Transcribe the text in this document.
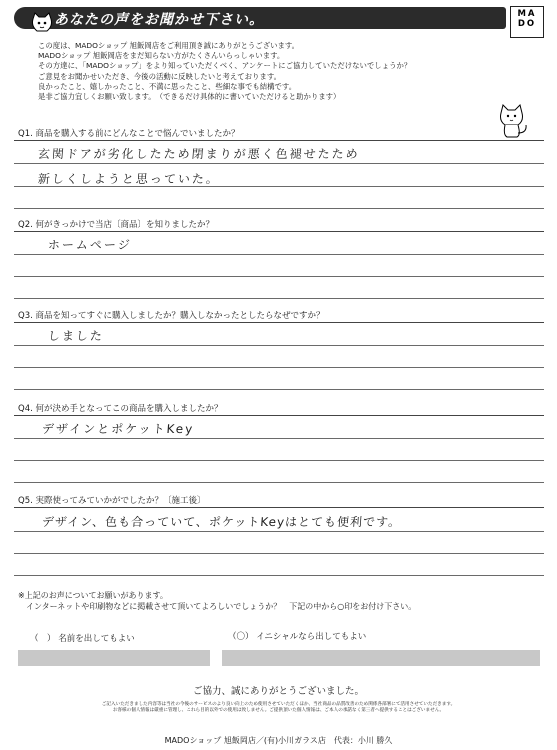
あなたの声をお聞かせ下さい。	MA
DO
この度は、MADOショップ 旭飯岡店をご利用頂き誠にありがとうございます。
MADOショップ 旭飯岡店をまだ知らない方がたくさんいらっしゃいます。
その方達に、「MADOショップ」をより知っていただくべく、アンケートにご協力していただけないでしょうか？
ご意見をお聞かせいただき、今後の活動に反映したいと考えております。
良かったこと、嬉しかったこと、不満に思ったこと、些細な事でも結構です。
是非ご協力宜しくお願い致します。　（できるだけ具体的に書いていただけると助かります）
Q1. 商品を購入する前にどんなことで悩んでいましたか？
玄関ドアが劣化したため閉まりが悪く色褪せたため
新しくしようと思っていた。
Q2. 何がきっかけで当店〔商品〕を知りましたか？
ホームページ
Q3. 商品を知ってすぐに購入しましたか？購入しなかったとしたらなぜですか？
しました
Q4. 何が決め手となってこの商品を購入しましたか？
デザインとポケットKey
Q5. 実際使ってみていかがでしたか？〔施工後〕
デザイン、色も合っていて、ポケットKeyはとても便利です。
※上記のお声についてお願いがあります。
　インターネットや印刷物などに掲載させて頂いてよろしいでしょうか？　下記の中から○印をお付け下さい。
（　） 名前を出してもよい	（〇） イニシャルなら出してもよい
ご協力、誠にありがとうございました。
ご記入いただきました内容等は当社の今後のサービスのより良い向上のため使用させていただくほか、当社商品の品質改善のため関係各部署にて活用させていただきます。
お客様の個人情報は厳重に管理し、これら目的以外での使用は致しません。ご提供頂いた個人情報は、ご本人の承諾なく第三者へ提供することはございません。
MADOショップ 旭飯岡店／(有)小川ガラス店　代表：小川 勝久
